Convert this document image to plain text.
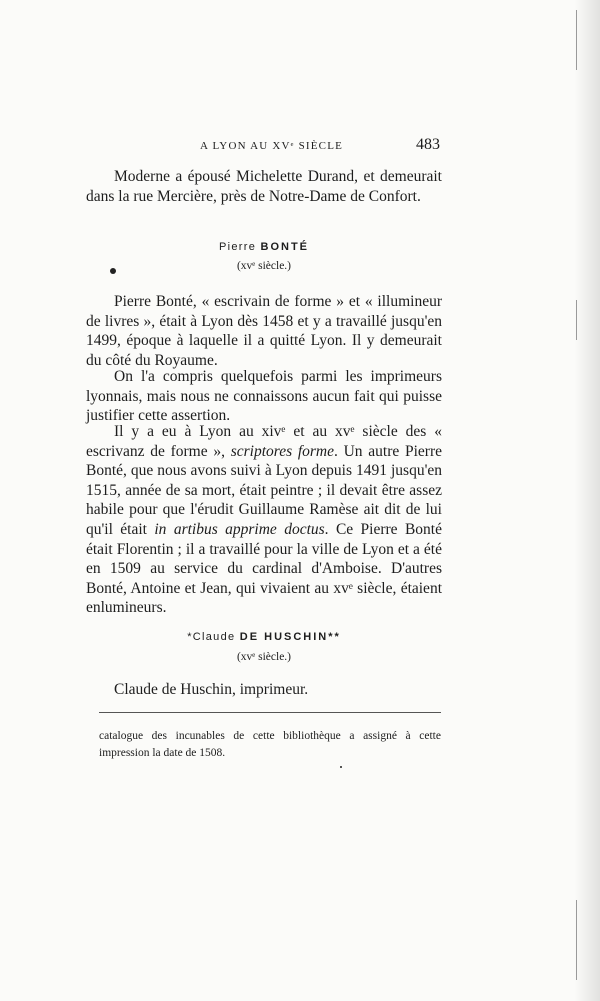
A LYON AU XVᵉ SIÈCLE	483

Moderne a épousé Michelette Durand, et demeurait dans la rue Mercière, près de Notre-Dame de Confort.

Pierre BONTÉ

(xvᵉ siècle.)

Pierre Bonté, « escrivain de forme » et « illumineur de livres », était à Lyon dès 1458 et y a travaillé jusqu'en 1499, époque à laquelle il a quitté Lyon. Il y demeurait du côté du Royaume.

On l'a compris quelquefois parmi les imprimeurs lyonnais, mais nous ne connaissons aucun fait qui puisse justifier cette assertion.

Il y a eu à Lyon au xivᵉ et au xvᵉ siècle des « escrivanz de forme », scriptores forme. Un autre Pierre Bonté, que nous avons suivi à Lyon depuis 1491 jusqu'en 1515, année de sa mort, était peintre ; il devait être assez habile pour que l'érudit Guillaume Ramèse ait dit de lui qu'il était in artibus apprime doctus. Ce Pierre Bonté était Florentin ; il a travaillé pour la ville de Lyon et a été en 1509 au service du cardinal d'Amboise. D'autres Bonté, Antoine et Jean, qui vivaient au xvᵉ siècle, étaient enlumineurs.

*Claude DE HUSCHIN**

(xvᵉ siècle.)

Claude de Huschin, imprimeur.

catalogue des incunables de cette bibliothèque a assigné à cette impression la date de 1508.
